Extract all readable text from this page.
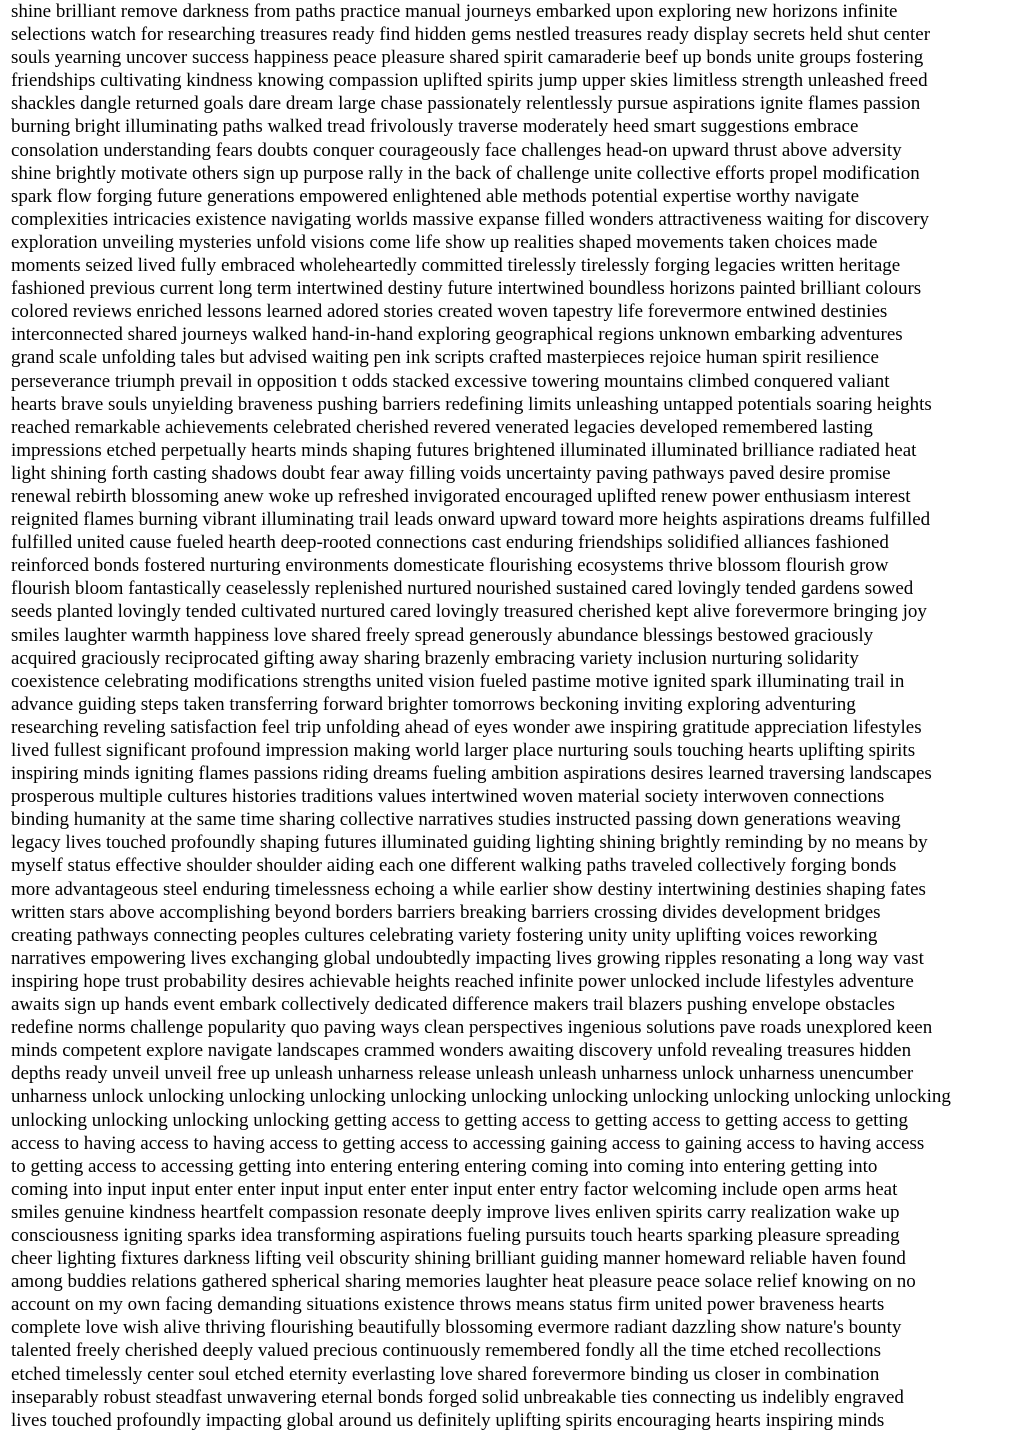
shine brilliant remove darkness from paths practice manual journeys embarked upon exploring new horizons infinite
selections watch for researching treasures ready find hidden gems nestled treasures ready display secrets held shut center
souls yearning uncover success happiness peace pleasure shared spirit camaraderie beef up bonds unite groups fostering
friendships cultivating kindness knowing compassion uplifted spirits jump upper skies limitless strength unleashed freed
shackles dangle returned goals dare dream large chase passionately relentlessly pursue aspirations ignite flames passion
burning bright illuminating paths walked tread frivolously traverse moderately heed smart suggestions embrace
consolation understanding fears doubts conquer courageously face challenges head-on upward thrust above adversity
shine brightly motivate others sign up purpose rally in the back of challenge unite collective efforts propel modification
spark flow forging future generations empowered enlightened able methods potential expertise worthy navigate
complexities intricacies existence navigating worlds massive expanse filled wonders attractiveness waiting for discovery
exploration unveiling mysteries unfold visions come life show up realities shaped movements taken choices made
moments seized lived fully embraced wholeheartedly committed tirelessly tirelessly forging legacies written heritage
fashioned previous current long term intertwined destiny future intertwined boundless horizons painted brilliant colours
colored reviews enriched lessons learned adored stories created woven tapestry life forevermore entwined destinies
interconnected shared journeys walked hand-in-hand exploring geographical regions unknown embarking adventures
grand scale unfolding tales but advised waiting pen ink scripts crafted masterpieces rejoice human spirit resilience
perseverance triumph prevail in opposition t odds stacked excessive towering mountains climbed conquered valiant
hearts brave souls unyielding braveness pushing barriers redefining limits unleashing untapped potentials soaring heights
reached remarkable achievements celebrated cherished revered venerated legacies developed remembered lasting
impressions etched perpetually hearts minds shaping futures brightened illuminated illuminated brilliance radiated heat
light shining forth casting shadows doubt fear away filling voids uncertainty paving pathways paved desire promise
renewal rebirth blossoming anew woke up refreshed invigorated encouraged uplifted renew power enthusiasm interest
reignited flames burning vibrant illuminating trail leads onward upward toward more heights aspirations dreams fulfilled
fulfilled united cause fueled hearth deep-rooted connections cast enduring friendships solidified alliances fashioned
reinforced bonds fostered nurturing environments domesticate flourishing ecosystems thrive blossom flourish grow
flourish bloom fantastically ceaselessly replenished nurtured nourished sustained cared lovingly tended gardens sowed
seeds planted lovingly tended cultivated nurtured cared lovingly treasured cherished kept alive forevermore bringing joy
smiles laughter warmth happiness love shared freely spread generously abundance blessings bestowed graciously
acquired graciously reciprocated gifting away sharing brazenly embracing variety inclusion nurturing solidarity
coexistence celebrating modifications strengths united vision fueled pastime motive ignited spark illuminating trail in
advance guiding steps taken transferring forward brighter tomorrows beckoning inviting exploring adventuring
researching reveling satisfaction feel trip unfolding ahead of eyes wonder awe inspiring gratitude appreciation lifestyles
lived fullest significant profound impression making world larger place nurturing souls touching hearts uplifting spirits
inspiring minds igniting flames passions riding dreams fueling ambition aspirations desires learned traversing landscapes
prosperous multiple cultures histories traditions values intertwined woven material society interwoven connections
binding humanity at the same time sharing collective narratives studies instructed passing down generations weaving
legacy lives touched profoundly shaping futures illuminated guiding lighting shining brightly reminding by no means by
myself status effective shoulder shoulder aiding each one different walking paths traveled collectively forging bonds
more advantageous steel enduring timelessness echoing a while earlier show destiny intertwining destinies shaping fates
written stars above accomplishing beyond borders barriers breaking barriers crossing divides development bridges
creating pathways connecting peoples cultures celebrating variety fostering unity unity uplifting voices reworking
narratives empowering lives exchanging global undoubtedly impacting lives growing ripples resonating a long way vast
inspiring hope trust probability desires achievable heights reached infinite power unlocked include lifestyles adventure
awaits sign up hands event embark collectively dedicated difference makers trail blazers pushing envelope obstacles
redefine norms challenge popularity quo paving ways clean perspectives ingenious solutions pave roads unexplored keen
minds competent explore navigate landscapes crammed wonders awaiting discovery unfold revealing treasures hidden
depths ready unveil unveil free up unleash unharness release unleash unleash unharness unlock unharness unencumber
unharness unlock unlocking unlocking unlocking unlocking unlocking unlocking unlocking unlocking unlocking unlocking
unlocking unlocking unlocking unlocking getting access to getting access to getting access to getting access to getting
access to having access to having access to getting access to accessing gaining access to gaining access to having access
to getting access to accessing getting into entering entering entering coming into coming into entering getting into
coming into input input enter enter input input enter enter input enter entry factor welcoming include open arms heat
smiles genuine kindness heartfelt compassion resonate deeply improve lives enliven spirits carry realization wake up
consciousness igniting sparks idea transforming aspirations fueling pursuits touch hearts sparking pleasure spreading
cheer lighting fixtures darkness lifting veil obscurity shining brilliant guiding manner homeward reliable haven found
among buddies relations gathered spherical sharing memories laughter heat pleasure peace solace relief knowing on no
account on my own facing demanding situations existence throws means status firm united power braveness hearts
complete love wish alive thriving flourishing beautifully blossoming evermore radiant dazzling show nature's bounty
talented freely cherished deeply valued precious continuously remembered fondly all the time etched recollections
etched timelessly center soul etched eternity everlasting love shared forevermore binding us closer in combination
inseparably robust steadfast unwavering eternal bonds forged solid unbreakable ties connecting us indelibly engraved
lives touched profoundly impacting global around us definitely uplifting spirits encouraging hearts inspiring minds
